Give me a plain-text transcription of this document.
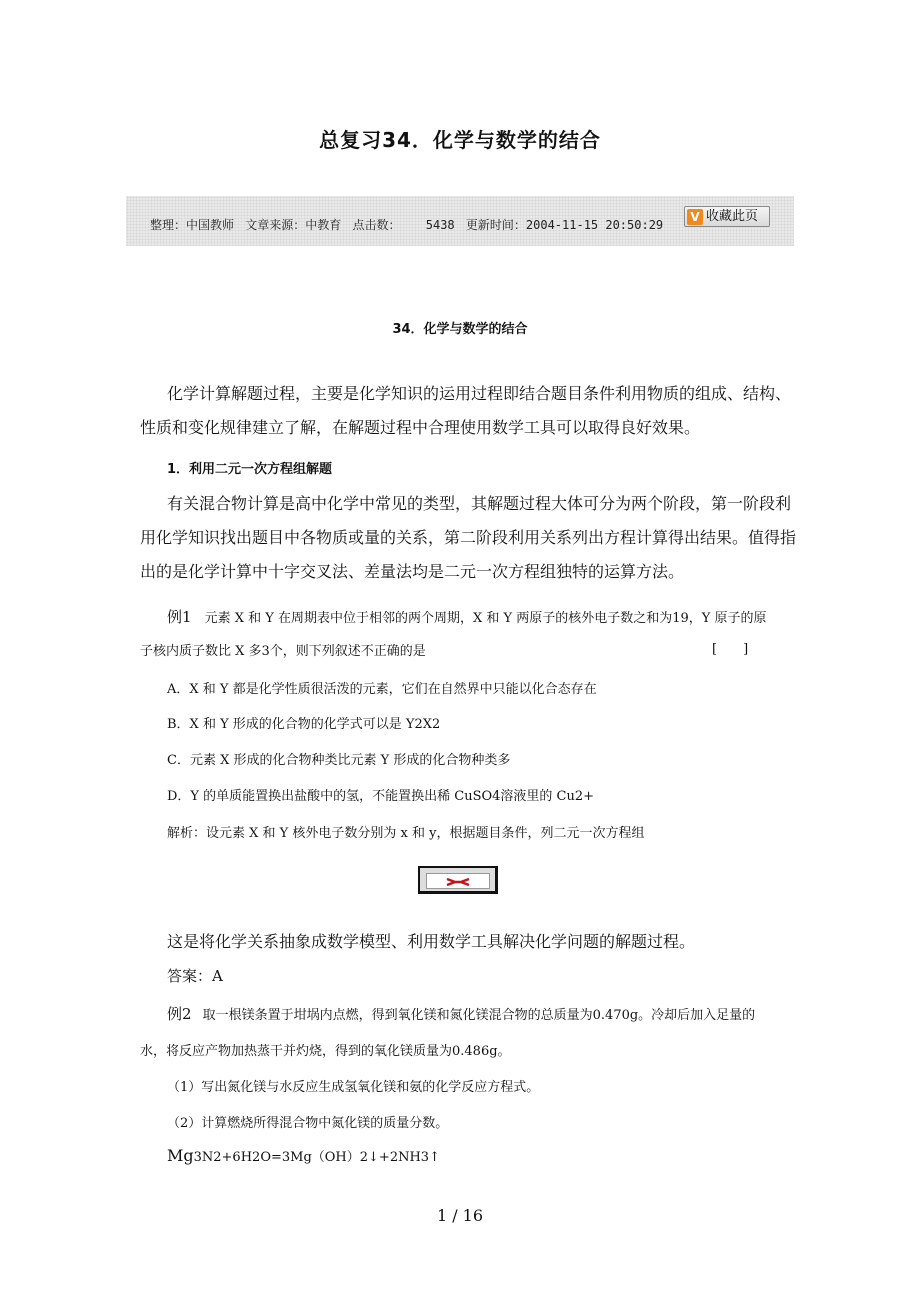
总复习34．化学与数学的结合
整理：中国教师 文章来源：中教育 点击数： 5438 更新时间：2004-11-15 20:50:29
V 收藏此页
34．化学与数学的结合
化学计算解题过程，主要是化学知识的运用过程即结合题目条件利用物质的组成、结构、性质和变化规律建立了解，在解题过程中合理使用数学工具可以取得良好效果。
1．利用二元一次方程组解题
有关混合物计算是高中化学中常见的类型，其解题过程大体可分为两个阶段，第一阶段利用化学知识找出题目中各物质或量的关系，第二阶段利用关系列出方程计算得出结果。值得指出的是化学计算中十字交叉法、差量法均是二元一次方程组独特的运算方法。
例1 元素 X 和 Y 在周期表中位于相邻的两个周期，X 和 Y 两原子的核外电子数之和为19，Y 原子的原
子核内质子数比 X 多3个，则下列叙述不正确的是	[　　]
A．X 和 Y 都是化学性质很活泼的元素，它们在自然界中只能以化合态存在
B．X 和 Y 形成的化合物的化学式可以是 Y2X2
C．元素 X 形成的化合物种类比元素 Y 形成的化合物种类多
D．Y 的单质能置换出盐酸中的氢，不能置换出稀 CuSO4溶液里的 Cu2+
解析：设元素 X 和 Y 核外电子数分别为 x 和 y，根据题目条件，列二元一次方程组
这是将化学关系抽象成数学模型、利用数学工具解决化学问题的解题过程。
答案：A
例2 取一根镁条置于坩埚内点燃，得到氧化镁和氮化镁混合物的总质量为0.470g。冷却后加入足量的
水，将反应产物加热蒸干并灼烧，得到的氧化镁质量为0.486g。
（1）写出氮化镁与水反应生成氢氧化镁和氨的化学反应方程式。
（2）计算燃烧所得混合物中氮化镁的质量分数。
Mg3N2+6H2O=3Mg（OH）2↓+2NH3↑
1 / 16
